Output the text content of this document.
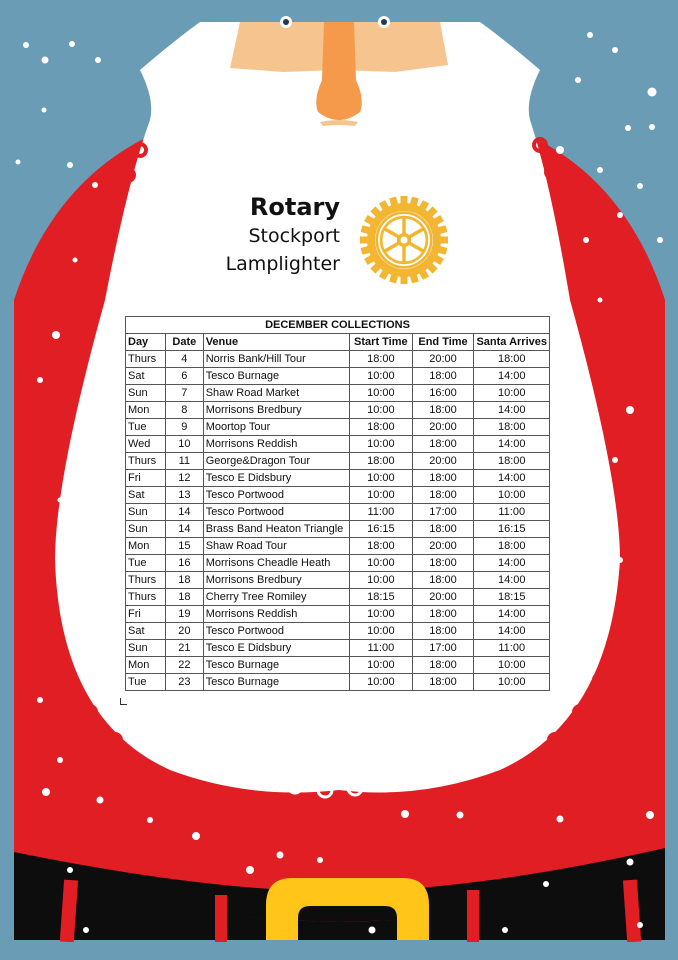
Rotary
Stockport
Lamplighter
DECEMBER COLLECTIONS					
Day	Date	Venue	Start Time	End Time	Santa Arrives
Thurs	4	Norris Bank/Hill Tour	18:00	20:00	18:00
Sat	6	Tesco Burnage	10:00	18:00	14:00
Sun	7	Shaw Road Market	10:00	16:00	10:00
Mon	8	Morrisons Bredbury	10:00	18:00	14:00
Tue	9	Moortop Tour	18:00	20:00	18:00
Wed	10	Morrisons Reddish	10:00	18:00	14:00
Thurs	11	George&Dragon Tour	18:00	20:00	18:00
Fri	12	Tesco E Didsbury	10:00	18:00	14:00
Sat	13	Tesco Portwood	10:00	18:00	10:00
Sun	14	Tesco Portwood	11:00	17:00	11:00
Sun	14	Brass Band Heaton Triangle	16:15	18:00	16:15
Mon	15	Shaw Road Tour	18:00	20:00	18:00
Tue	16	Morrisons Cheadle Heath	10:00	18:00	14:00
Thurs	18	Morrisons Bredbury	10:00	18:00	14:00
Thurs	18	Cherry Tree Romiley	18:15	20:00	18:15
Fri	19	Morrisons Reddish	10:00	18:00	14:00
Sat	20	Tesco Portwood	10:00	18:00	14:00
Sun	21	Tesco E Didsbury	11:00	17:00	11:00
Mon	22	Tesco Burnage	10:00	18:00	10:00
Tue	23	Tesco Burnage	10:00	18:00	10:00
